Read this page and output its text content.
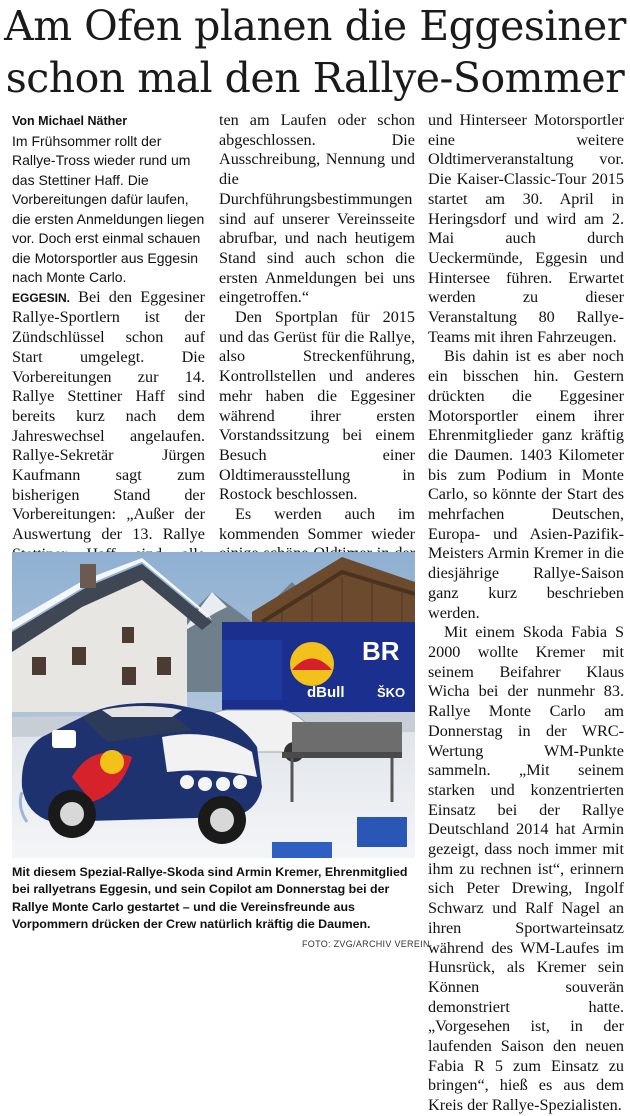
Am Ofen planen die Eggesiner
schon mal den Rallye-Sommer

Von Michael Näther

Im Frühsommer rollt der Rallye-Tross wieder rund um das Stettiner Haff. Die Vorbereitungen dafür laufen, die ersten Anmeldungen liegen vor. Doch erst einmal schauen die Motorsportler aus Eggesin nach Monte Carlo.

EGGESIN. Bei den Eggesiner Rallye-Sportlern ist der Zündschlüssel schon auf Start umgelegt. Die Vorbereitungen zur 14. Rallye Stettiner Haff sind bereits kurz nach dem Jahreswechsel angelaufen. Rallye-Sekretär Jürgen Kaufmann sagt zum bisherigen Stand der Vorbereitungen: „Außer der Auswertung der 13. Rallye

ten am Laufen oder schon abgeschlossen. Die Ausschreibung, Nennung und die Durchführungsbestimmungen sind auf unserer Vereinsseite abrufbar, und nach heutigem Stand sind auch schon die ersten Anmeldungen bei uns eingetroffen.“

Den Sportplan für 2015 und das Gerüst für die Rallye, also Streckenführung, Kontrollstellen und anderes mehr haben die Eggesiner während ihrer ersten Vorstandssitzung bei einem Besuch einer Oldtimerausstellung in Rostock beschlossen.

Es werden auch im kommenden Sommer wieder

und Hinterseer Motorsportler eine weitere Oldtimerveranstaltung vor. Die Kaiser-Classic-Tour 2015 startet am 30. April in Heringsdorf und wird am 2. Mai auch durch Ueckermünde, Eggesin und Hintersee führen. Erwartet werden zu dieser Veranstaltung 80 Rallye-Teams mit ihren Fahrzeugen.

Bis dahin ist es aber noch ein bisschen hin. Gestern drückten die Eggesiner Motorsportler einem ihrer Ehrenmitglieder ganz kräftig die Daumen. 1403 Kilometer bis zum Podium in Monte Carlo, so könnte der Start des mehrfachen Deutschen, Europa- und Asien-Pazifik-Meisters Armin Kremer in die diesjährige Rallye-Saison ganz kurz beschrieben werden.

Mit einem Skoda Fabia S 2000 wollte Kremer mit seinem Beifahrer Klaus Wicha bei der nunmehr 83. Rallye Monte Carlo am Donnerstag in der WRC-Wertung WM-Punkte sammeln. „Mit seinem starken und konzentrierten Einsatz bei der Rallye Deutschland 2014 hat Armin gezeigt, dass noch immer mit ihm zu rechnen ist“, erinnern sich Peter Drewing, Ingolf Schwarz und Ralf Nagel an ihren Sportwarteinsatz während des WM-Laufes im Hunsrück, als Kremer sein Können souverän demonstriert hatte. „Vorgesehen ist, in der laufenden Saison den neuen Fabia R 5 zum Einsatz zu bringen“, hieß es aus dem Kreis der Rallye-Spezialisten.

BR
dBull	ŠKO
Mit diesem Spezial-Rallye-Skoda sind Armin Kremer, Ehrenmitglied bei rallyetrans Eggesin, und sein Copilot am Donnerstag bei der Rallye Monte Carlo gestartet – und die Vereinsfreunde aus Vorpommern drücken der Crew natürlich kräftig die Daumen.
FOTO: ZVG/ARCHIV VEREIN
